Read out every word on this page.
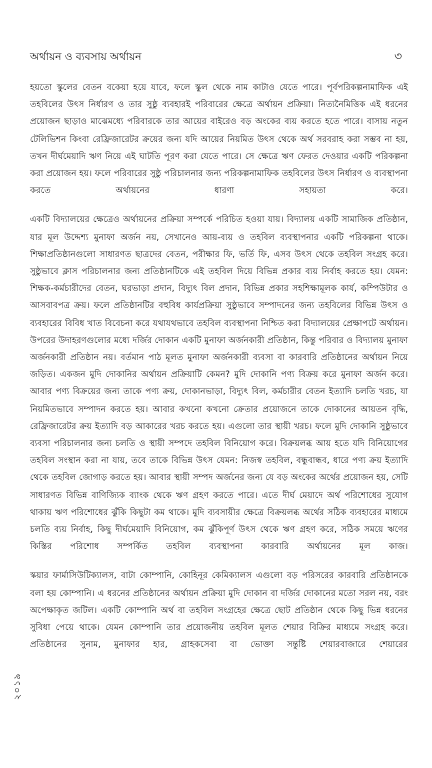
অর্থায়ন ও ব্যবসায় অর্থায়ন	৩

হয়তো স্কুলের বেতন বকেয়া হয়ে যাবে, ফলে স্কুল থেকে নাম কাটাও যেতে পারে। পূর্বপরিকল্পনামাফিক এই তহবিলের উৎস নির্ধারণ ও তার সুষ্ঠু ব্যবহারই পরিবারের ক্ষেত্রে অর্থায়ন প্রক্রিয়া। নিত্যনৈমিত্তিক এই ধরনের প্রয়োজন ছাড়াও মাঝেমধ্যে পরিবারকে তার আয়ের বাইরেও বড় অংকের ব্যয় করতে হতে পারে। বাসায় নতুন টেলিভিশন কিংবা রেফ্রিজারেটর ক্রয়ের জন্য যদি আয়ের নিয়মিত উৎস থেকে অর্থ সরবরাহ করা সম্ভব না হয়, তখন দীর্ঘমেয়াদি ঋণ নিয়ে এই ঘাটতি পূরণ করা যেতে পারে। সে ক্ষেত্রে ঋণ ফেরত দেওয়ার একটি পরিকল্পনা করা প্রয়োজন হয়। ফলে পরিবারের সুষ্ঠু পরিচালনার জন্য পরিকল্পনামাফিক তহবিলের উৎস নির্ধারণ ও ব্যবস্থাপনা করতে অর্থায়নের ধারণা সহায়তা করে।

একটি বিদ্যালয়ের ক্ষেত্রেও অর্থায়নের প্রক্রিয়া সম্পর্কে পরিচিত হওয়া যায়। বিদ্যালয় একটি সামাজিক প্রতিষ্ঠান, যার মূল উদ্দেশ্য মুনাফা অর্জন নয়, সেখানেও আয়-ব্যয় ও তহবিল ব্যবস্থাপনার একটি পরিকল্পনা থাকে। শিক্ষাপ্রতিষ্ঠানগুলো সাধারণত ছাত্রদের বেতন, পরীক্ষার ফি, ভর্তি ফি, এসব উৎস থেকে তহবিল সংগ্রহ করে। সুষ্ঠুভাবে ক্লাস পরিচালনার জন্য প্রতিষ্ঠানটিকে এই তহবিল দিয়ে বিভিন্ন প্রকার ব্যয় নির্বাহ করতে হয়। যেমন: শিক্ষক-কর্মচারীদের বেতন, ঘরভাড়া প্রদান, বিদ্যুৎ বিল প্রদান, বিভিন্ন প্রকার সহশিক্ষামূলক কার্য, কম্পিউটার ও আসবাবপত্র ক্রয়। ফলে প্রতিষ্ঠানটির বহুবিধ কার্যপ্রক্রিয়া সুষ্ঠুভাবে সম্পাদনের জন্য তহবিলের বিভিন্ন উৎস ও ব্যবহারের বিবিধ খাত বিবেচনা করে যথাযথভাবে তহবিল ব্যবস্থাপনা নিশ্চিত করা বিদ্যালয়ের প্রেক্ষাপটে অর্থায়ন। উপরের উদাহরণগুলোর মধ্যে দর্জির দোকান একটি মুনাফা অর্জনকারী প্রতিষ্ঠান, কিন্তু পরিবার ও বিদ্যালয় মুনাফা অর্জনকারী প্রতিষ্ঠান নয়। বর্তমান পাঠ মূলত মুনাফা অর্জনকারী ব্যবসা বা কারবারি প্রতিষ্ঠানের অর্থায়ন নিয়ে জড়িত। একজন মুদি দোকানির অর্থায়ন প্রক্রিয়াটি কেমন? মুদি দোকানি পণ্য বিক্রয় করে মুনাফা অর্জন করে। আবার পণ্য বিক্রয়ের জন্য তাকে পণ্য ক্রয়, দোকানভাড়া, বিদ্যুৎ বিল, কর্মচারীর বেতন ইত্যাদি চলতি খরচ, যা নিয়মিতভাবে সম্পাদন করতে হয়। আবার কখনো কখনো ক্রেতার প্রয়োজনে তাকে দোকানের আয়তন বৃদ্ধি, রেফ্রিজারেটর ক্রয় ইত্যাদি বড় আকারের খরচ করতে হয়। এগুলো তার স্থায়ী খরচ। ফলে মুদি দোকানি সুষ্ঠুভাবে ব্যবসা পরিচালনার জন্য চলতি ও স্থায়ী সম্পদে তহবিল বিনিয়োগ করে। বিক্রয়লব্ধ আয় হতে যদি বিনিয়োগের তহবিল সংস্থান করা না যায়, তবে তাকে বিভিন্ন উৎস যেমন: নিজস্ব তহবিল, বন্ধুবান্ধব, ধারে পণ্য ক্রয় ইত্যাদি থেকে তহবিল জোগাড় করতে হয়। আবার স্থায়ী সম্পদ অর্জনের জন্য যে বড় অংকের অর্থের প্রয়োজন হয়, সেটি সাধারণত বিভিন্ন বাণিজ্যিক ব্যাংক থেকে ঋণ গ্রহণ করতে পারে। এতে দীর্ঘ মেয়াদে অর্থ পরিশোধের সুযোগ থাকায় ঋণ পরিশোধের ঝুঁকি কিছুটা কম থাকে। মুদি ব্যবসায়ীর ক্ষেত্রে বিক্রয়লব্ধ অর্থের সঠিক ব্যবহারের মাধ্যমে চলতি ব্যয় নির্বাহ, কিছু দীর্ঘমেয়াদি বিনিয়োগ, কম ঝুঁকিপূর্ণ উৎস থেকে ঋণ গ্রহণ করে, সঠিক সময়ে ঋণের কিস্তির পরিশোধ সম্পর্কিত তহবিল ব্যবস্থাপনা কারবারি অর্থায়নের মূল কাজ।

স্কয়ার ফার্মাসিউটিক্যালস, বাটা কোম্পানি, কোহিনূর কেমিক্যালস এগুলো বড় পরিসরের কারবারি প্রতিষ্ঠানকে বলা হয় কোম্পানি। এ ধরনের প্রতিষ্ঠানের অর্থায়ন প্রক্রিয়া মুদি দোকান বা দর্জির দোকানের মতো সরল নয়, বরং অপেক্ষাকৃত জটিল। একটি কোম্পানি অর্থ বা তহবিল সংগ্রহের ক্ষেত্রে ছোট প্রতিষ্ঠান থেকে কিছু ভিন্ন ধরনের সুবিধা পেয়ে থাকে। যেমন কোম্পানি তার প্রয়োজনীয় তহবিল মূলত শেয়ার বিক্রির মাধ্যমে সংগ্রহ করে। প্রতিষ্ঠানের সুনাম, মুনাফার হার, গ্রাহকসেবা বা ভোক্তা সন্তুষ্টি শেয়ারবাজারে শেয়ারের

২০১৯
